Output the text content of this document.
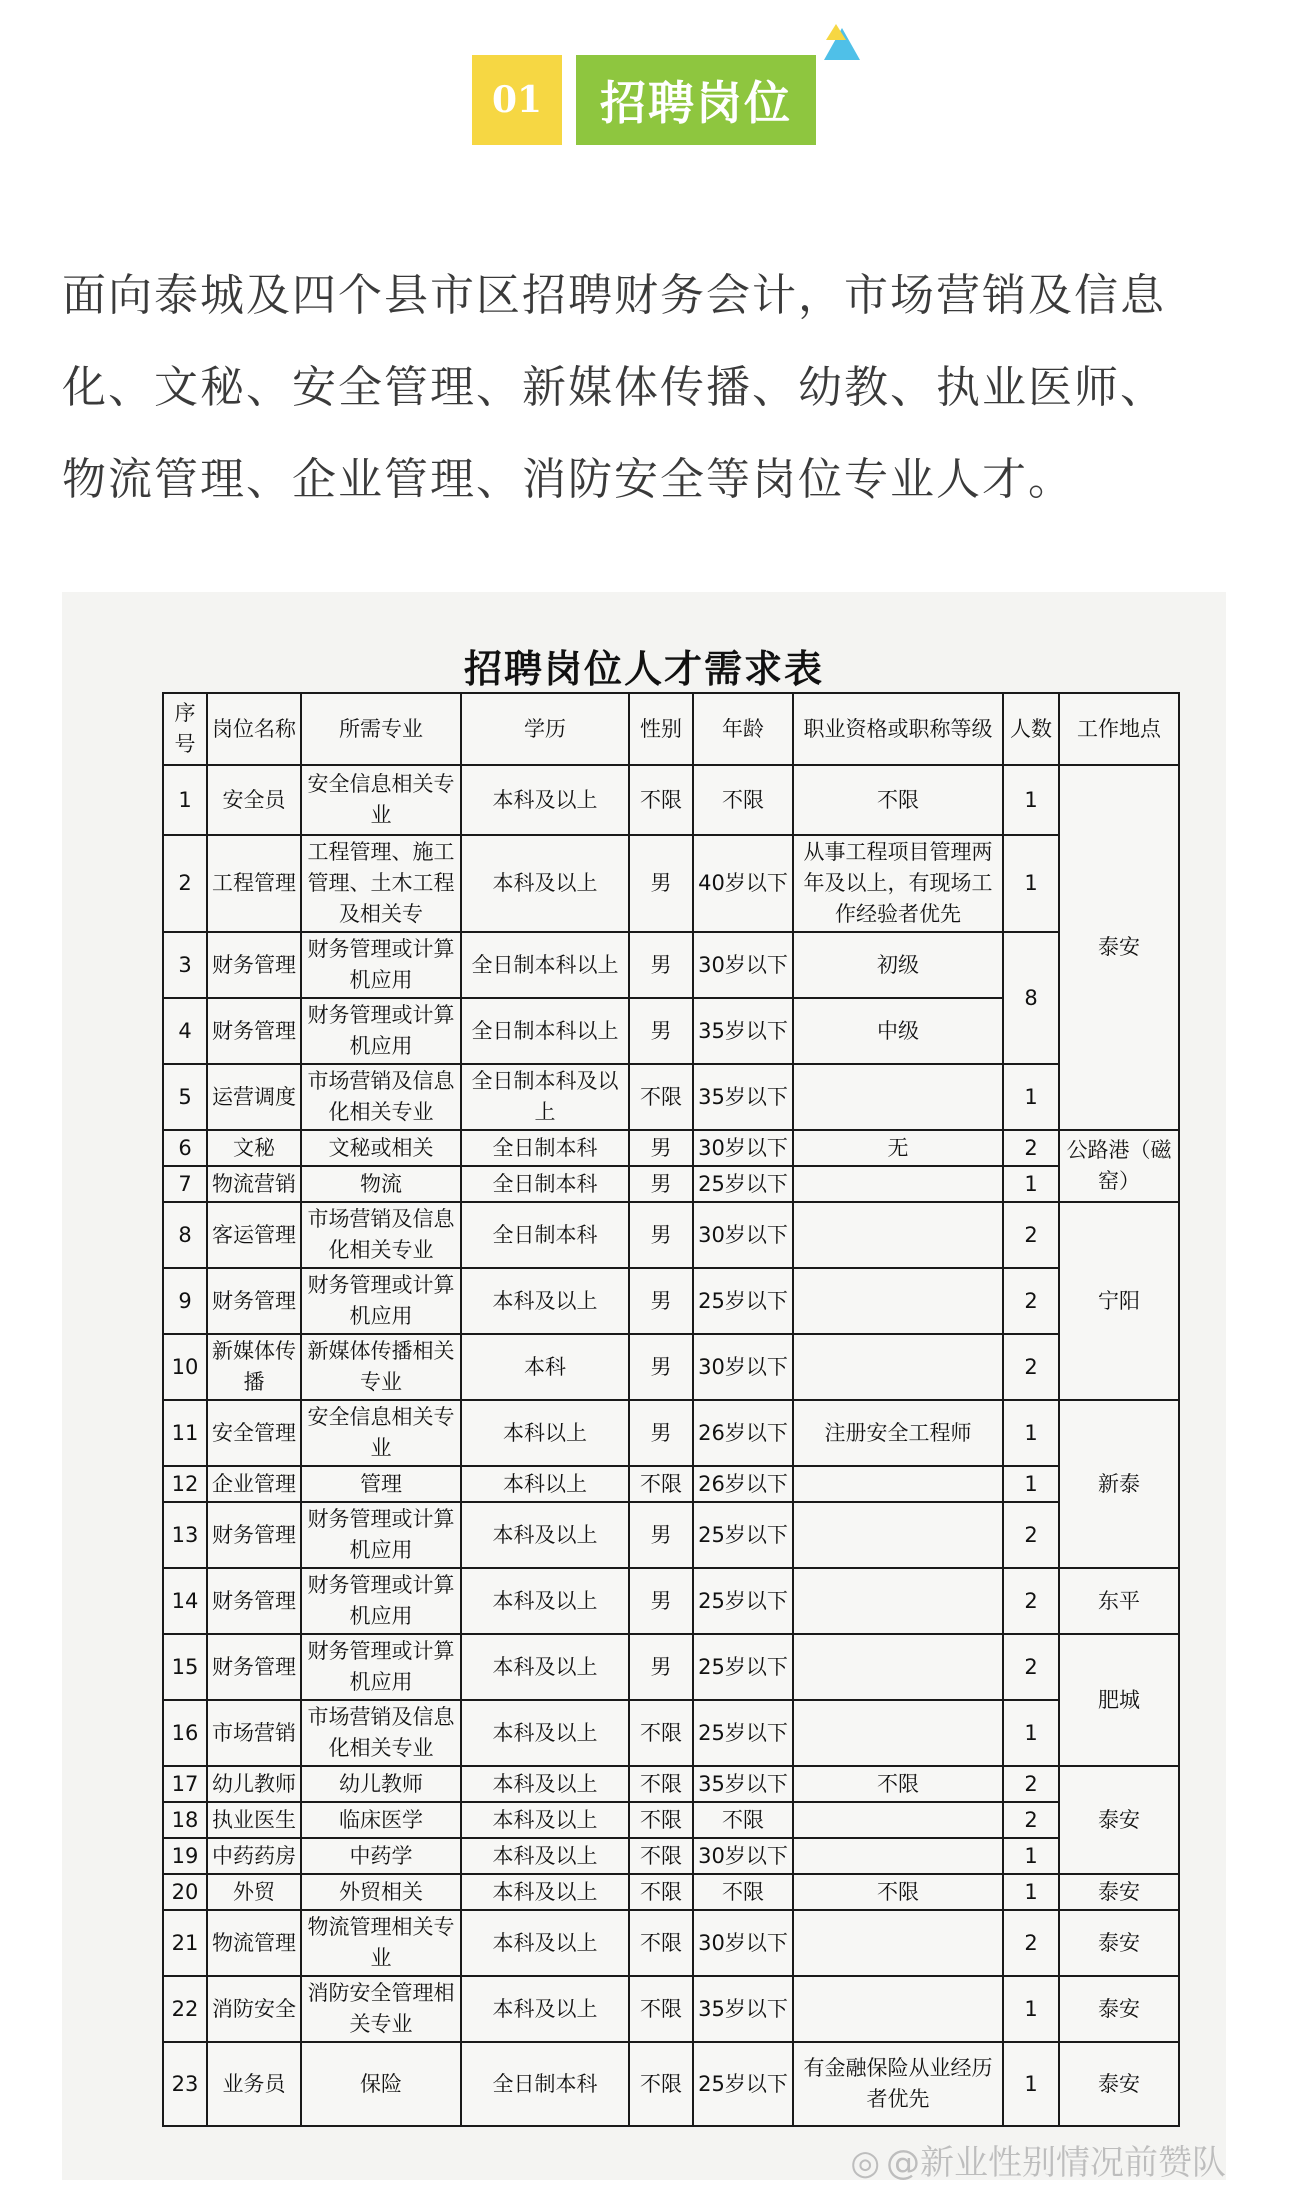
01	招聘岗位
面向泰城及四个县市区招聘财务会计，市场营销及信息
化、文秘、安全管理、新媒体传播、幼教、执业医师、
物流管理、企业管理、消防安全等岗位专业人才。
招聘岗位人才需求表
序号	岗位名称	所需专业	学历	性别	年龄	职业资格或职称等级	人数	工作地点
1	安全员	安全信息相关专业	本科及以上	不限	不限	不限	1	泰安
2	工程管理	工程管理、施工管理、土木工程及相关专	本科及以上	男	40岁以下	从事工程项目管理两年及以上，有现场工作经验者优先	1	
3	财务管理	财务管理或计算机应用	全日制本科以上	男	30岁以下	初级	8	
4	财务管理	财务管理或计算机应用	全日制本科以上	男	35岁以下	中级		
5	运营调度	市场营销及信息化相关专业	全日制本科及以上	不限	35岁以下		1	
6	文秘	文秘或相关	全日制本科	男	30岁以下	无	2	公路港（磁窑）
7	物流营销	物流	全日制本科	男	25岁以下		1	
8	客运管理	市场营销及信息化相关专业	全日制本科	男	30岁以下		2	宁阳
9	财务管理	财务管理或计算机应用	本科及以上	男	25岁以下		2	
10	新媒体传播	新媒体传播相关专业	本科	男	30岁以下		2	
11	安全管理	安全信息相关专业	本科以上	男	26岁以下	注册安全工程师	1	新泰
12	企业管理	管理	本科以上	不限	26岁以下		1	
13	财务管理	财务管理或计算机应用	本科及以上	男	25岁以下		2	
14	财务管理	财务管理或计算机应用	本科及以上	男	25岁以下		2	东平
15	财务管理	财务管理或计算机应用	本科及以上	男	25岁以下		2	肥城
16	市场营销	市场营销及信息化相关专业	本科及以上	不限	25岁以下		1	
17	幼儿教师	幼儿教师	本科及以上	不限	35岁以下	不限	2	泰安
18	执业医生	临床医学	本科及以上	不限	不限		2	
19	中药药房	中药学	本科及以上	不限	30岁以下		1	
20	外贸	外贸相关	本科及以上	不限	不限	不限	1	泰安
21	物流管理	物流管理相关专业	本科及以上	不限	30岁以下		2	泰安
22	消防安全	消防安全管理相关专业	本科及以上	不限	35岁以下		1	泰安
23	业务员	保险	全日制本科	不限	25岁以下	有金融保险从业经历者优先	1	泰安
◎ @新业性别情况前赞队
